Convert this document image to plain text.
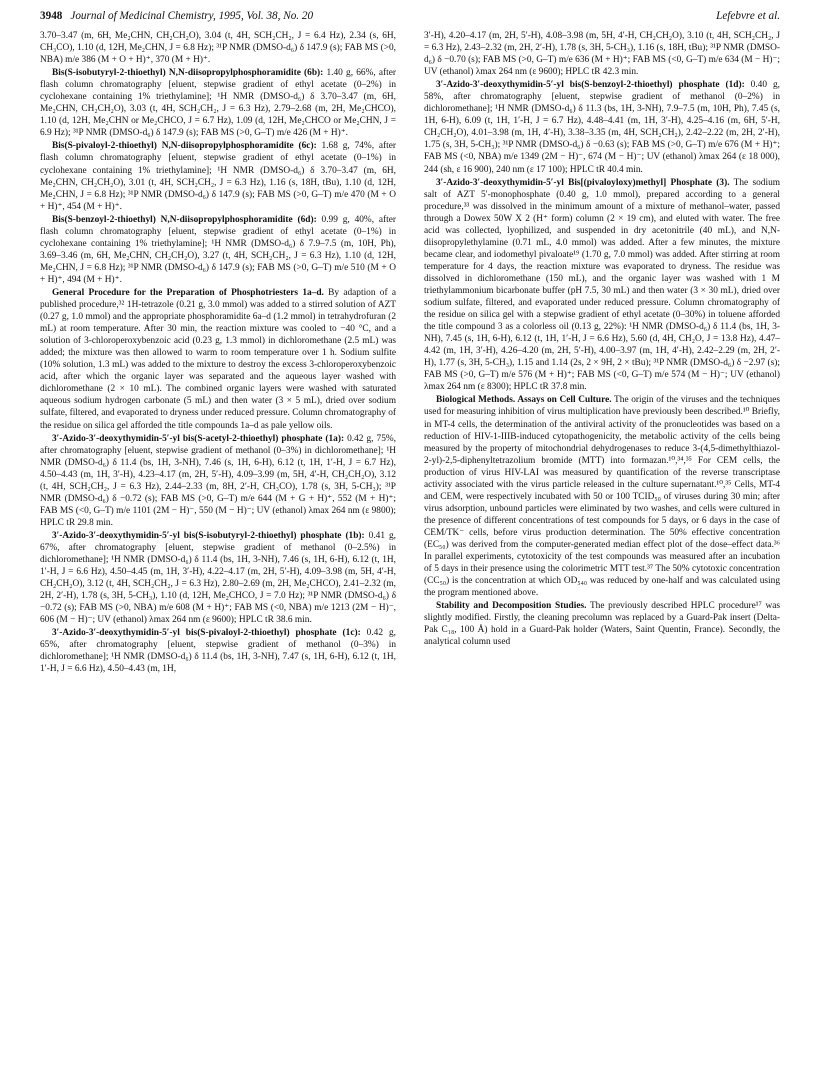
3948 Journal of Medicinal Chemistry, 1995, Vol. 38, No. 20	Lefebvre et al.

3.70–3.47 (m, 6H, Me₂CHN, CH₂CH₂O), 3.04 (t, 4H, SCH₂CH₂, J = 6.4 Hz), 2.34 (s, 6H, CH₃CO), 1.10 (d, 12H, Me₂CHN, J = 6.8 Hz); ³¹P NMR (DMSO-d₆) δ 147.9 (s); FAB MS (>0, NBA) m/e 386 (M + O + H)⁺, 370 (M + H)⁺.

Bis(S-isobutyryl-2-thioethyl) N,N-diisopropylphosphoramidite (6b): 1.40 g, 66%, after flash column chromatography [eluent, stepwise gradient of ethyl acetate (0–2%) in cyclohexane containing 1% triethylamine]; ¹H NMR (DMSO-d₆) δ 3.70–3.47 (m, 6H, Me₂CHN, CH₂CH₂O), 3.03 (t, 4H, SCH₂CH₂, J = 6.3 Hz), 2.79–2.68 (m, 2H, Me₂CHCO), 1.10 (d, 12H, Me₂CHN or Me₂CHCO, J = 6.7 Hz), 1.09 (d, 12H, Me₂CHCO or Me₂CHN, J = 6.9 Hz); ³¹P NMR (DMSO-d₆) δ 147.9 (s); FAB MS (>0, G–T) m/e 426 (M + H)⁺.

Bis(S-pivaloyl-2-thioethyl) N,N-diisopropylphosphoramidite (6c): 1.68 g, 74%, after flash column chromatography [eluent, stepwise gradient of ethyl acetate (0–1%) in cyclohexane containing 1% triethylamine]; ¹H NMR (DMSO-d₆) δ 3.70–3.47 (m, 6H, Me₂CHN, CH₂CH₂O), 3.01 (t, 4H, SCH₂CH₂, J = 6.3 Hz), 1.16 (s, 18H, tBu), 1.10 (d, 12H, Me₂CHN, J = 6.8 Hz); ³¹P NMR (DMSO-d₆) δ 147.9 (s); FAB MS (>0, G–T) m/e 470 (M + O + H)⁺, 454 (M + H)⁺.

Bis(S-benzoyl-2-thioethyl) N,N-diisopropylphosphoramidite (6d): 0.99 g, 40%, after flash column chromatography [eluent, stepwise gradient of ethyl acetate (0–1%) in cyclohexane containing 1% triethylamine]; ¹H NMR (DMSO-d₆) δ 7.9–7.5 (m, 10H, Ph), 3.69–3.46 (m, 6H, Me₂CHN, CH₂CH₂O), 3.27 (t, 4H, SCH₂CH₂, J = 6.3 Hz), 1.10 (d, 12H, Me₂CHN, J = 6.8 Hz); ³¹P NMR (DMSO-d₆) δ 147.9 (s); FAB MS (>0, G–T) m/e 510 (M + O + H)⁺, 494 (M + H)⁺.

General Procedure for the Preparation of Phosphotriesters 1a–d. By adaption of a published procedure,³² 1H-tetrazole (0.21 g, 3.0 mmol) was added to a stirred solution of AZT (0.27 g, 1.0 mmol) and the appropriate phosphoramidite 6a–d (1.2 mmol) in tetrahydrofuran (2 mL) at room temperature. After 30 min, the reaction mixture was cooled to −40 °C, and a solution of 3-chloroperoxybenzoic acid (0.23 g, 1.3 mmol) in dichloromethane (2.5 mL) was added; the mixture was then allowed to warm to room temperature over 1 h. Sodium sulfite (10% solution, 1.3 mL) was added to the mixture to destroy the excess 3-chloroperoxybenzoic acid, after which the organic layer was separated and the aqueous layer washed with dichloromethane (2 × 10 mL). The combined organic layers were washed with saturated aqueous sodium hydrogen carbonate (5 mL) and then water (3 × 5 mL), dried over sodium sulfate, filtered, and evaporated to dryness under reduced pressure. Column chromatography of the residue on silica gel afforded the title compounds 1a–d as pale yellow oils.

3′-Azido-3′-deoxythymidin-5′-yl bis(S-acetyl-2-thioethyl) phosphate (1a): 0.42 g, 75%, after chromatography [eluent, stepwise gradient of methanol (0–3%) in dichloromethane]; ¹H NMR (DMSO-d₆) δ 11.4 (bs, 1H, 3-NH), 7.46 (s, 1H, 6-H), 6.12 (t, 1H, 1′-H, J = 6.7 Hz), 4.50–4.43 (m, 1H, 3′-H), 4.23–4.17 (m, 2H, 5′-H), 4.09–3.99 (m, 5H, 4′-H, CH₂CH₂O), 3.12 (t, 4H, SCH₂CH₂, J = 6.3 Hz), 2.44–2.33 (m, 8H, 2′-H, CH₃CO), 1.78 (s, 3H, 5-CH₃); ³¹P NMR (DMSO-d₆) δ −0.72 (s); FAB MS (>0, G–T) m/e 644 (M + G + H)⁺, 552 (M + H)⁺; FAB MS (<0, G–T) m/e 1101 (2M − H)⁻, 550 (M − H)⁻; UV (ethanol) λmax 264 nm (ε 9800); HPLC tR 29.8 min.

3′-Azido-3′-deoxythymidin-5′-yl bis(S-isobutyryl-2-thioethyl) phosphate (1b): 0.41 g, 67%, after chromatography [eluent, stepwise gradient of methanol (0–2.5%) in dichloromethane]; ¹H NMR (DMSO-d₆) δ 11.4 (bs, 1H, 3-NH), 7.46 (s, 1H, 6-H), 6.12 (t, 1H, 1′-H, J = 6.6 Hz), 4.50–4.45 (m, 1H, 3′-H), 4.22–4.17 (m, 2H, 5′-H), 4.09–3.98 (m, 5H, 4′-H, CH₂CH₂O), 3.12 (t, 4H, SCH₂CH₂, J = 6.3 Hz), 2.80–2.69 (m, 2H, Me₂CHCO), 2.41–2.32 (m, 2H, 2′-H), 1.78 (s, 3H, 5-CH₃), 1.10 (d, 12H, Me₂CHCO, J = 7.0 Hz); ³¹P NMR (DMSO-d₆) δ −0.72 (s); FAB MS (>0, NBA) m/e 608 (M + H)⁺; FAB MS (<0, NBA) m/e 1213 (2M − H)⁻, 606 (M − H)⁻; UV (ethanol) λmax 264 nm (ε 9600); HPLC tR 38.6 min.

3′-Azido-3′-deoxythymidin-5′-yl bis(S-pivaloyl-2-thioethyl) phosphate (1c): 0.42 g, 65%, after chromatography [eluent, stepwise gradient of methanol (0–3%) in dichloromethane]; ¹H NMR (DMSO-d₆) δ 11.4 (bs, 1H, 3-NH), 7.47 (s, 1H, 6-H), 6.12 (t, 1H, 1′-H, J = 6.6 Hz), 4.50–4.43 (m, 1H,

3′-H), 4.20–4.17 (m, 2H, 5′-H), 4.08–3.98 (m, 5H, 4′-H, CH₂CH₂O), 3.10 (t, 4H, SCH₂CH₂, J = 6.3 Hz), 2.43–2.32 (m, 2H, 2′-H), 1.78 (s, 3H, 5-CH₃), 1.16 (s, 18H, tBu); ³¹P NMR (DMSO-d₆) δ −0.70 (s); FAB MS (>0, G–T) m/e 636 (M + H)⁺; FAB MS (<0, G–T) m/e 634 (M − H)⁻; UV (ethanol) λmax 264 nm (ε 9600); HPLC tR 42.3 min.

3′-Azido-3′-deoxythymidin-5′-yl bis(S-benzoyl-2-thioethyl) phosphate (1d): 0.40 g, 58%, after chromatography [eluent, stepwise gradient of methanol (0–2%) in dichloromethane]; ¹H NMR (DMSO-d₆) δ 11.3 (bs, 1H, 3-NH), 7.9–7.5 (m, 10H, Ph), 7.45 (s, 1H, 6-H), 6.09 (t, 1H, 1′-H, J = 6.7 Hz), 4.48–4.41 (m, 1H, 3′-H), 4.25–4.16 (m, 6H, 5′-H, CH₂CH₂O), 4.01–3.98 (m, 1H, 4′-H), 3.38–3.35 (m, 4H, SCH₂CH₂), 2.42–2.22 (m, 2H, 2′-H), 1.75 (s, 3H, 5-CH₃); ³¹P NMR (DMSO-d₆) δ −0.63 (s); FAB MS (>0, G–T) m/e 676 (M + H)⁺; FAB MS (<0, NBA) m/e 1349 (2M − H)⁻, 674 (M − H)⁻; UV (ethanol) λmax 264 (ε 18 000), 244 (sh, ε 16 900), 240 nm (ε 17 100); HPLC tR 40.4 min.

3′-Azido-3′-deoxythymidin-5′-yl Bis[(pivaloyloxy)methyl] Phosphate (3). The sodium salt of AZT 5′-monophosphate (0.40 g, 1.0 mmol), prepared according to a general procedure,³³ was dissolved in the minimum amount of a mixture of methanol–water, passed through a Dowex 50W X 2 (H⁺ form) column (2 × 19 cm), and eluted with water. The free acid was collected, lyophilized, and suspended in dry acetonitrile (40 mL), and N,N-diisopropylethylamine (0.71 mL, 4.0 mmol) was added. After a few minutes, the mixture became clear, and iodomethyl pivaloate¹⁹ (1.70 g, 7.0 mmol) was added. After stirring at room temperature for 4 days, the reaction mixture was evaporated to dryness. The residue was dissolved in dichloromethane (150 mL), and the organic layer was washed with 1 M triethylammonium bicarbonate buffer (pH 7.5, 30 mL) and then water (3 × 30 mL), dried over sodium sulfate, filtered, and evaporated under reduced pressure. Column chromatography of the residue on silica gel with a stepwise gradient of ethyl acetate (0–30%) in toluene afforded the title compound 3 as a colorless oil (0.13 g, 22%): ¹H NMR (DMSO-d₆) δ 11.4 (bs, 1H, 3-NH), 7.45 (s, 1H, 6-H), 6.12 (t, 1H, 1′-H, J = 6.6 Hz), 5.60 (d, 4H, CH₂O, J = 13.8 Hz), 4.47–4.42 (m, 1H, 3′-H), 4.26–4.20 (m, 2H, 5′-H), 4.00–3.97 (m, 1H, 4′-H), 2.42–2.29 (m, 2H, 2′-H), 1.77 (s, 3H, 5-CH₃), 1.15 and 1.14 (2s, 2 × 9H, 2 × tBu); ³¹P NMR (DMSO-d₆) δ −2.97 (s); FAB MS (>0, G–T) m/e 576 (M + H)⁺; FAB MS (<0, G–T) m/e 574 (M − H)⁻; UV (ethanol) λmax 264 nm (ε 8300); HPLC tR 37.8 min.

Biological Methods. Assays on Cell Culture. The origin of the viruses and the techniques used for measuring inhibition of virus multiplication have previously been described.¹⁰ Briefly, in MT-4 cells, the determination of the antiviral activity of the pronucleotides was based on a reduction of HIV-1-IIIB-induced cytopathogenicity, the metabolic activity of the cells being measured by the property of mitochondrial dehydrogenases to reduce 3-(4,5-dimethylthiazol-2-yl)-2,5-diphenyltetrazolium bromide (MTT) into formazan.¹⁰,³⁴,³⁵ For CEM cells, the production of virus HIV-LAI was measured by quantification of the reverse transcriptase activity associated with the virus particle released in the culture supernatant.¹⁰,³⁵ Cells, MT-4 and CEM, were respectively incubated with 50 or 100 TCID₅₀ of viruses during 30 min; after virus adsorption, unbound particles were eliminated by two washes, and cells were cultured in the presence of different concentrations of test compounds for 5 days, or 6 days in the case of CEM/TK⁻ cells, before virus production determination. The 50% effective concentration (EC₅₀) was derived from the computer-generated median effect plot of the dose–effect data.³⁶ In parallel experiments, cytotoxicity of the test compounds was measured after an incubation of 5 days in their presence using the colorimetric MTT test.³⁷ The 50% cytotoxic concentration (CC₅₀) is the concentration at which OD₅₄₀ was reduced by one-half and was calculated using the program mentioned above.

Stability and Decomposition Studies. The previously described HPLC procedure¹⁷ was slightly modified. Firstly, the cleaning precolumn was replaced by a Guard-Pak insert (Delta-Pak C₁₈, 100 Å) hold in a Guard-Pak holder (Waters, Saint Quentin, France). Secondly, the analytical column used
